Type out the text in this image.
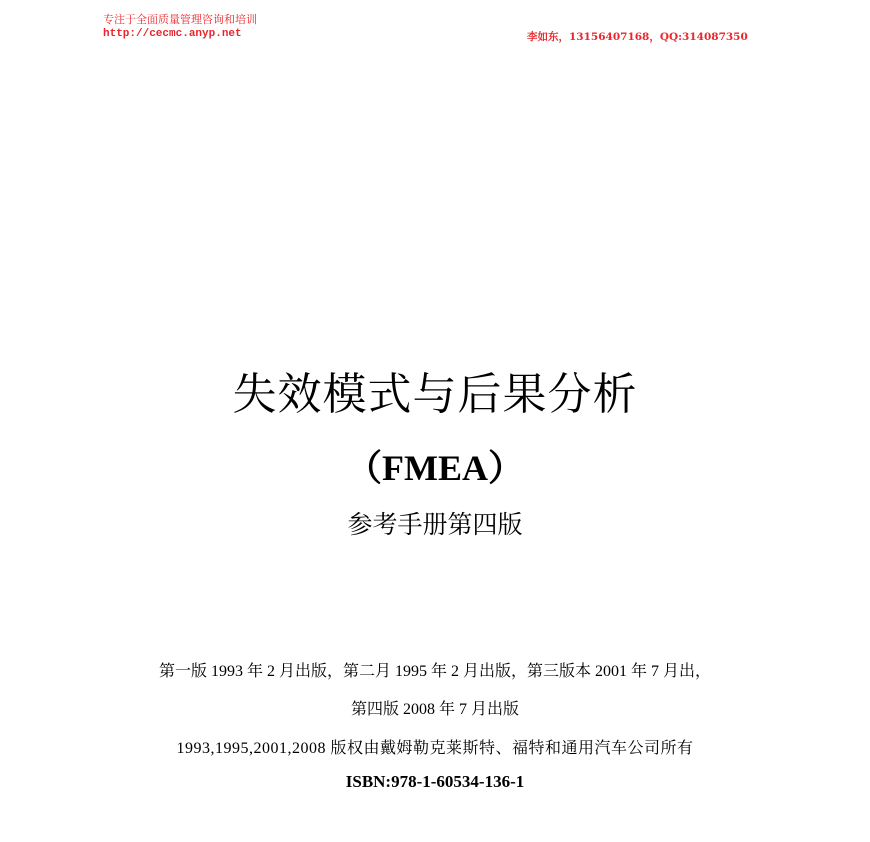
专注于全面质量管理咨询和培训
http://cecmc.anyp.net	李如东，13156407168，QQ:314087350
失效模式与后果分析
（FMEA）
参考手册第四版
第一版 1993 年 2 月出版，第二月 1995 年 2 月出版，第三版本 2001 年 7 月出，
第四版 2008 年 7 月出版
1993,1995,2001,2008 版权由戴姆勒克莱斯特、福特和通用汽车公司所有
ISBN:978-1-60534-136-1
